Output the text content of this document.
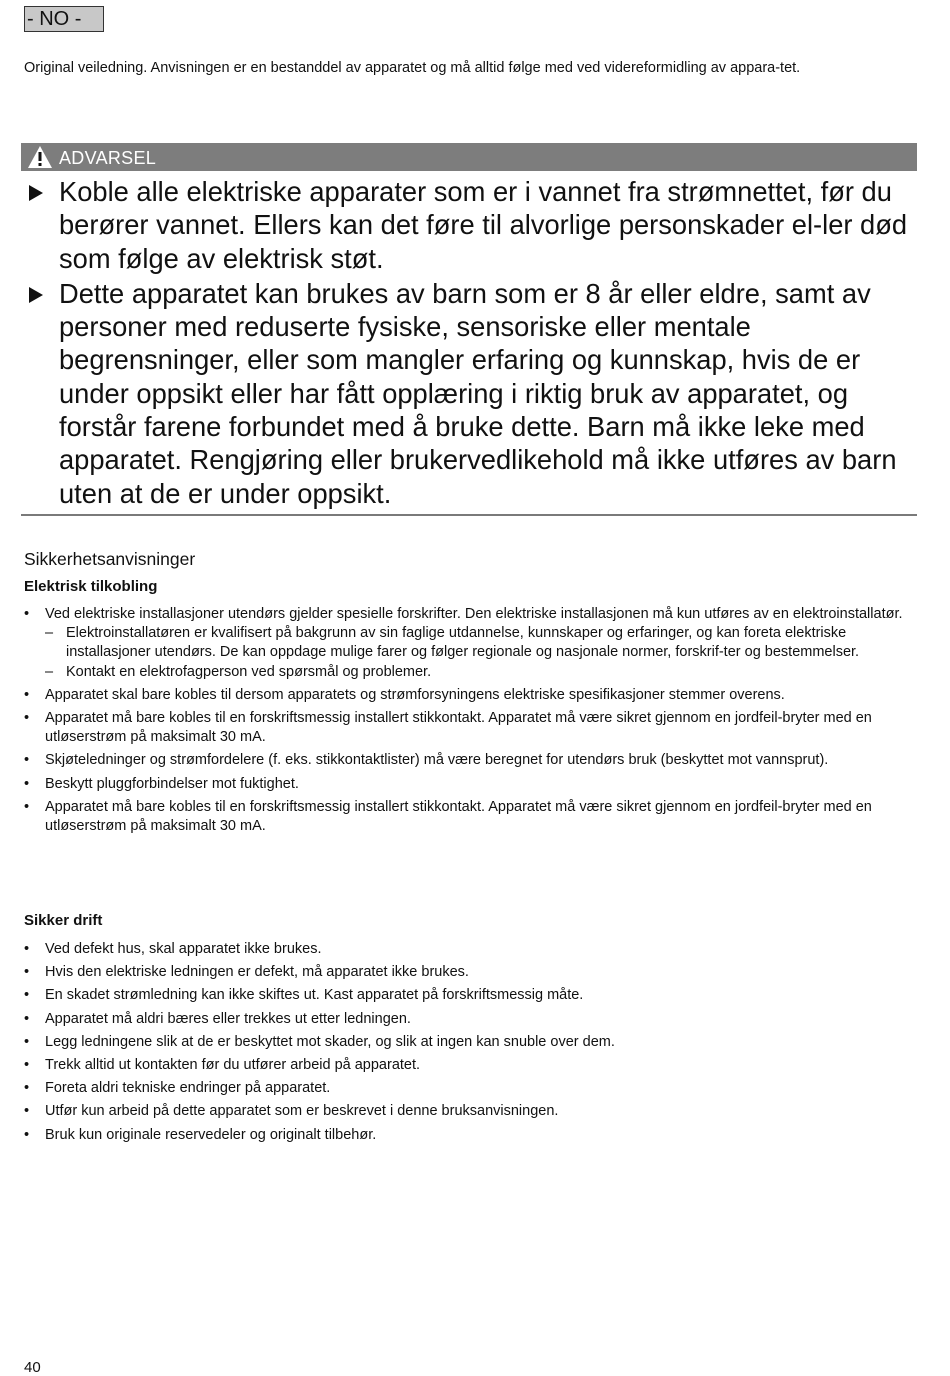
- NO -
Original veiledning. Anvisningen er en bestanddel av apparatet og må alltid følge med ved videreformidling av appara-tet.
ADVARSEL
Koble alle elektriske apparater som er i vannet fra strømnettet, før du berører vannet. Ellers kan det føre til alvorlige personskader el-ler død som følge av elektrisk støt.
Dette apparatet kan brukes av barn som er 8 år eller eldre, samt av personer med reduserte fysiske, sensoriske eller mentale begrensninger, eller som mangler erfaring og kunnskap, hvis de er under oppsikt eller har fått opplæring i riktig bruk av apparatet, og forstår farene forbundet med å bruke dette. Barn må ikke leke med apparatet. Rengjøring eller brukervedlikehold må ikke utføres av barn uten at de er under oppsikt.
Sikkerhetsanvisninger
Elektrisk tilkobling
• Ved elektriske installasjoner utendørs gjelder spesielle forskrifter. Den elektriske installasjonen må kun utføres av en elektroinstallatør.
– Elektroinstallatøren er kvalifisert på bakgrunn av sin faglige utdannelse, kunnskaper og erfaringer, og kan foreta elektriske installasjoner utendørs. De kan oppdage mulige farer og følger regionale og nasjonale normer, forskrif-ter og bestemmelser.
– Kontakt en elektrofagperson ved spørsmål og problemer.
• Apparatet skal bare kobles til dersom apparatets og strømforsyningens elektriske spesifikasjoner stemmer overens.
• Apparatet må bare kobles til en forskriftsmessig installert stikkontakt. Apparatet må være sikret gjennom en jordfeil-bryter med en utløserstrøm på maksimalt 30 mA.
• Skjøteledninger og strømfordelere (f. eks. stikkontaktlister) må være beregnet for utendørs bruk (beskyttet mot vannsprut).
• Beskytt pluggforbindelser mot fuktighet.
• Apparatet må bare kobles til en forskriftsmessig installert stikkontakt. Apparatet må være sikret gjennom en jordfeil-bryter med en utløserstrøm på maksimalt 30 mA.
Sikker drift
• Ved defekt hus, skal apparatet ikke brukes.
• Hvis den elektriske ledningen er defekt, må apparatet ikke brukes.
• En skadet strømledning kan ikke skiftes ut. Kast apparatet på forskriftsmessig måte.
• Apparatet må aldri bæres eller trekkes ut etter ledningen.
• Legg ledningene slik at de er beskyttet mot skader, og slik at ingen kan snuble over dem.
• Trekk alltid ut kontakten før du utfører arbeid på apparatet.
• Foreta aldri tekniske endringer på apparatet.
• Utfør kun arbeid på dette apparatet som er beskrevet i denne bruksanvisningen.
• Bruk kun originale reservedeler og originalt tilbehør.
40
